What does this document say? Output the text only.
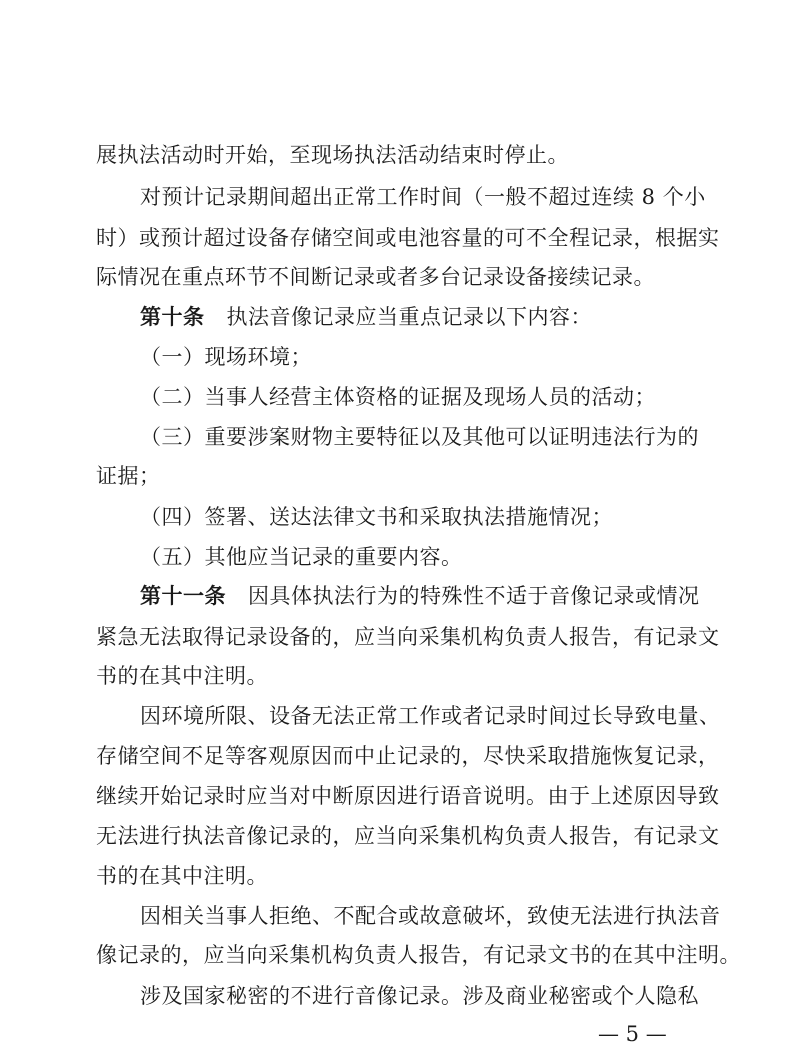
展执法活动时开始，至现场执法活动结束时停止。
对预计记录期间超出正常工作时间（一般不超过连续 8 个小
时）或预计超过设备存储空间或电池容量的可不全程记录，根据实
际情况在重点环节不间断记录或者多台记录设备接续记录。
第十条 执法音像记录应当重点记录以下内容：
（一）现场环境；
（二）当事人经营主体资格的证据及现场人员的活动；
（三）重要涉案财物主要特征以及其他可以证明违法行为的
证据；
（四）签署、送达法律文书和采取执法措施情况；
（五）其他应当记录的重要内容。
第十一条 因具体执法行为的特殊性不适于音像记录或情况
紧急无法取得记录设备的，应当向采集机构负责人报告，有记录文
书的在其中注明。
因环境所限、设备无法正常工作或者记录时间过长导致电量、
存储空间不足等客观原因而中止记录的，尽快采取措施恢复记录，
继续开始记录时应当对中断原因进行语音说明。由于上述原因导致
无法进行执法音像记录的，应当向采集机构负责人报告，有记录文
书的在其中注明。
因相关当事人拒绝、不配合或故意破坏，致使无法进行执法音
像记录的，应当向采集机构负责人报告，有记录文书的在其中注明。
涉及国家秘密的不进行音像记录。涉及商业秘密或个人隐私
— 5 —
